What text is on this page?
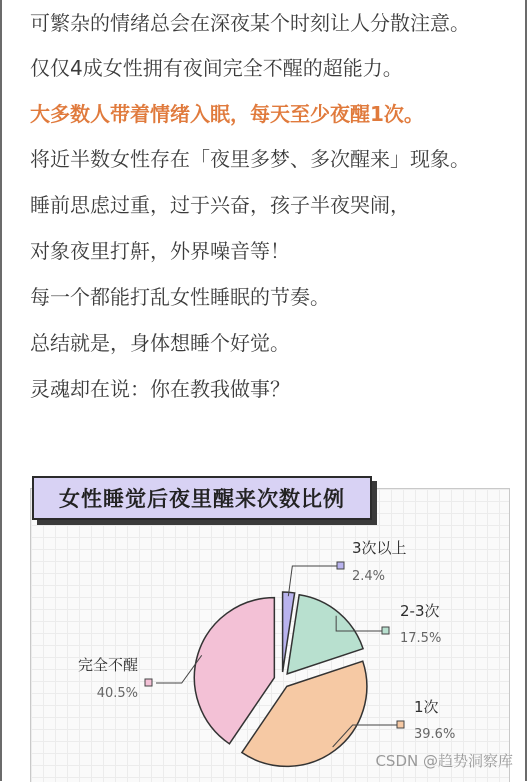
可繁杂的情绪总会在深夜某个时刻让人分散注意。
仅仅4成女性拥有夜间完全不醒的超能力。
大多数人带着情绪入眠，每天至少夜醒1次。
将近半数女性存在「夜里多梦、多次醒来」现象。
睡前思虑过重，过于兴奋，孩子半夜哭闹，
对象夜里打鼾，外界噪音等！
每一个都能打乱女性睡眠的节奏。
总结就是，身体想睡个好觉。
灵魂却在说：你在教我做事？
女性睡觉后夜里醒来次数比例
3次以上
2.4%
2-3次
17.5%
1次
39.6%
完全不醒
40.5%
CSDN @趋势洞察库
